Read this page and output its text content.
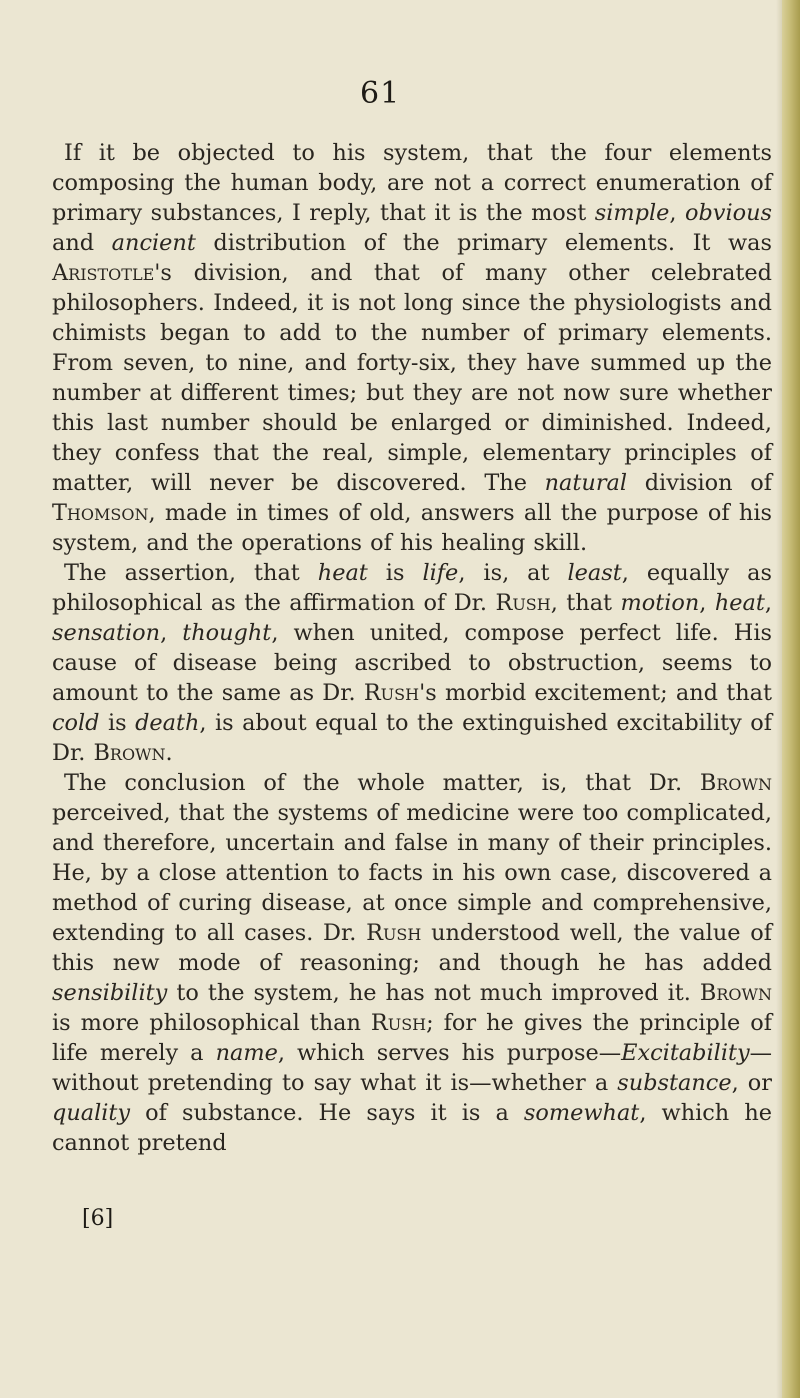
61

If it be objected to his system, that the four elements composing the human body, are not a correct enumeration of primary substances, I reply, that it is the most simple, obvious and ancient distribution of the primary elements. It was Aristotle's division, and that of many other celebrated philosophers. Indeed, it is not long since the physiologists and chimists began to add to the number of primary elements. From seven, to nine, and forty-six, they have summed up the number at different times; but they are not now sure whether this last number should be enlarged or diminished. Indeed, they confess that the real, simple, elementary principles of matter, will never be discovered. The natural division of Thomson, made in times of old, answers all the purpose of his system, and the operations of his healing skill.

The assertion, that heat is life, is, at least, equally as philosophical as the affirmation of Dr. Rush, that motion, heat, sensation, thought, when united, compose perfect life. His cause of disease being ascribed to obstruction, seems to amount to the same as Dr. Rush's morbid excitement; and that cold is death, is about equal to the extinguished excitability of Dr. Brown.

The conclusion of the whole matter, is, that Dr. Brown perceived, that the systems of medicine were too complicated, and therefore, uncertain and false in many of their principles. He, by a close attention to facts in his own case, discovered a method of curing disease, at once simple and comprehensive, extending to all cases. Dr. Rush understood well, the value of this new mode of reasoning; and though he has added sensibility to the system, he has not much improved it. Brown is more philosophical than Rush; for he gives the principle of life merely a name, which serves his purpose—Excitability—without pretending to say what it is—whether a substance, or quality of substance. He says it is a somewhat, which he cannot pretend

[6]
